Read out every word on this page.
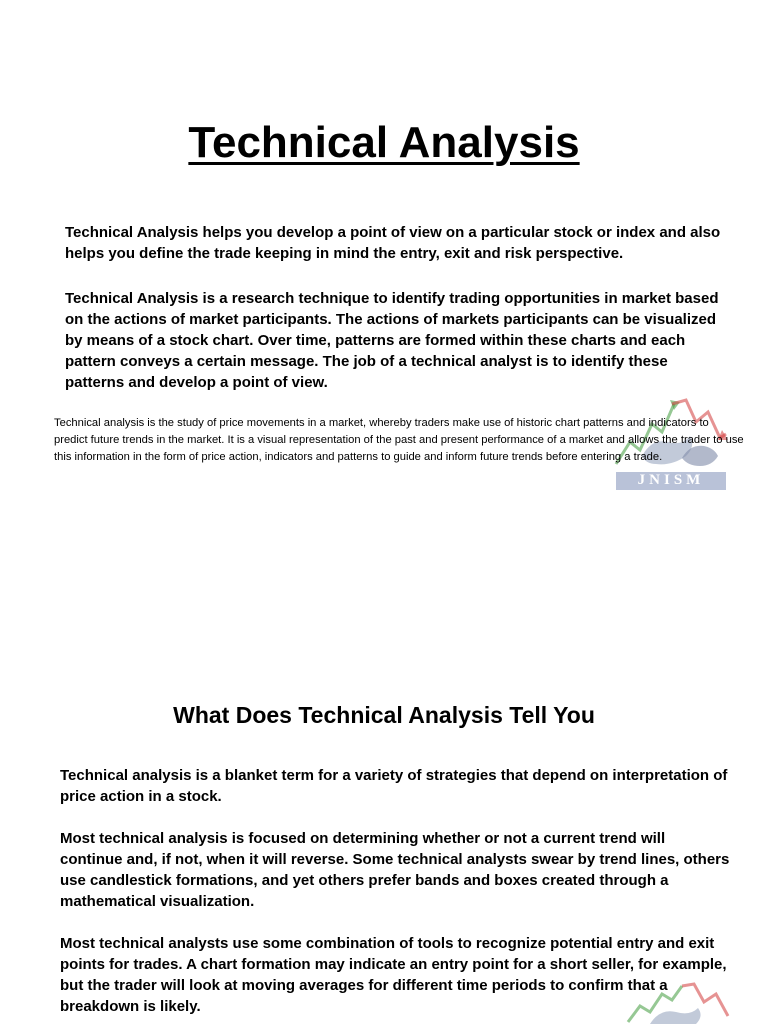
Technical Analysis

Technical Analysis helps you develop a point of view on a particular stock or index and also helps you define the trade keeping in mind the entry, exit and risk perspective.

Technical Analysis is a research technique to identify trading opportunities in market based on the actions of market participants. The actions of markets participants can be visualized by means of a stock chart. Over time, patterns are formed within these charts and each pattern conveys a certain message. The job of a technical analyst is to identify these patterns and develop a point of view.

JNISM

Technical analysis is the study of price movements in a market, whereby traders make use of historic chart patterns and indicators to predict future trends in the market. It is a visual representation of the past and present performance of a market and allows the trader to use this information in the form of price action, indicators and patterns to guide and inform future trends before entering a trade.

What Does Technical Analysis Tell You

Technical analysis is a blanket term for a variety of strategies that depend on interpretation of price action in a stock.

Most technical analysis is focused on determining whether or not a current trend will continue and, if not, when it will reverse. Some technical analysts swear by trend lines, others use candlestick formations, and yet others prefer bands and boxes created through a mathematical visualization.

Most technical analysts use some combination of tools to recognize potential entry and exit points for trades. A chart formation may indicate an entry point for a short seller, for example, but the trader will look at moving averages for different time periods to confirm that a breakdown is likely.
